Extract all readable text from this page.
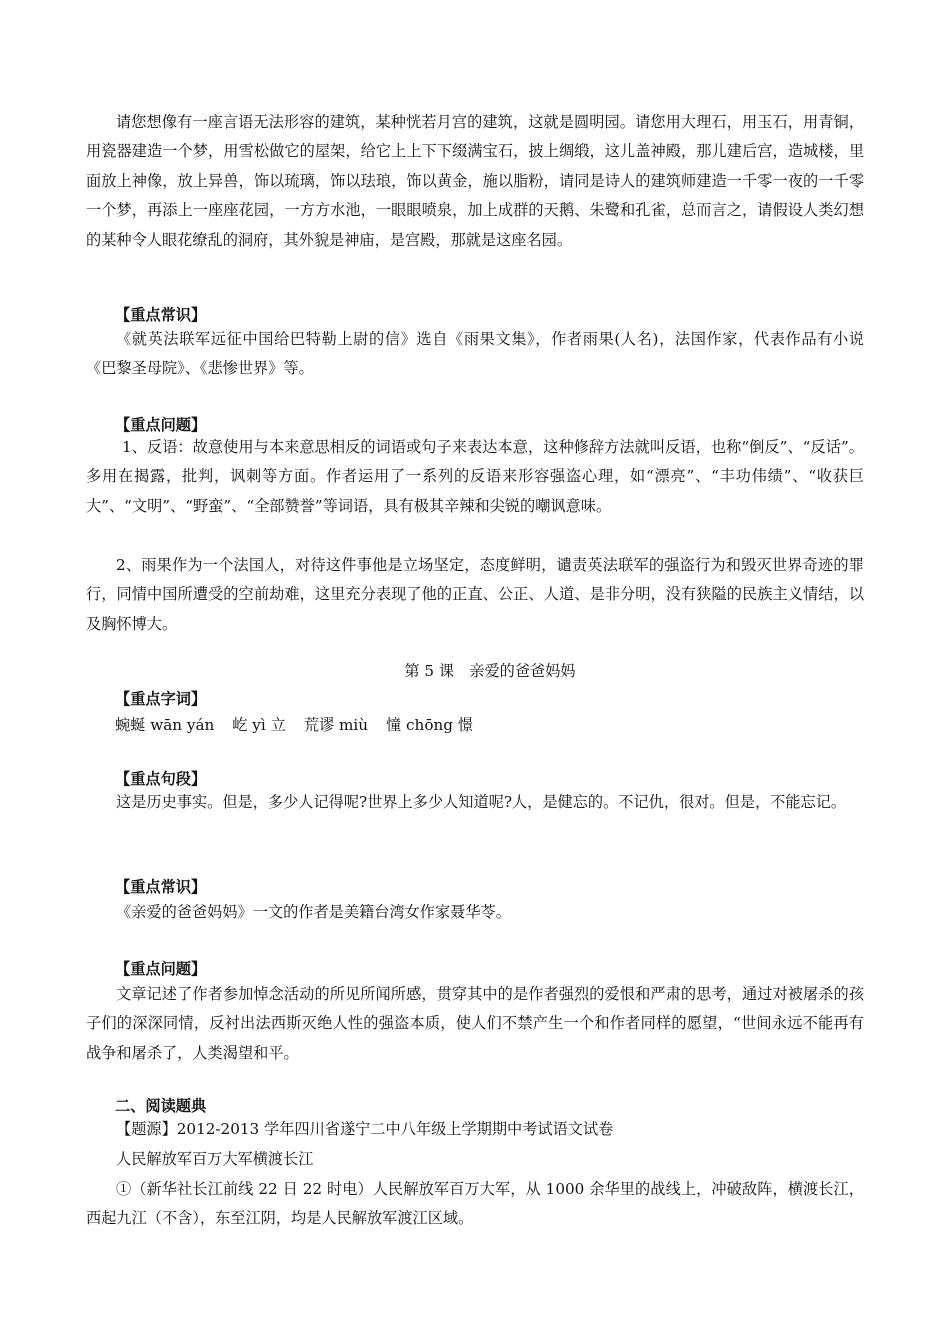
请您想像有一座言语无法形容的建筑，某种恍若月宫的建筑，这就是圆明园。请您用大理石，用玉石，用青铜，用瓷器建造一个梦，用雪松做它的屋架，给它上上下下缀满宝石，披上绸缎，这儿盖神殿，那儿建后宫，造城楼，里面放上神像，放上异兽，饰以琉璃，饰以珐琅，饰以黄金，施以脂粉，请同是诗人的建筑师建造一千零一夜的一千零一个梦，再添上一座座花园，一方方水池，一眼眼喷泉，加上成群的天鹅、朱鹭和孔雀，总而言之，请假设人类幻想的某种令人眼花缭乱的洞府，其外貌是神庙，是宫殿，那就是这座名园。

【重点常识】

《就英法联军远征中国给巴特勒上尉的信》选自《雨果文集》，作者雨果(人名)，法国作家，代表作品有小说《巴黎圣母院》、《悲惨世界》等。

【重点问题】

1、反语：故意使用与本来意思相反的词语或句子来表达本意，这种修辞方法就叫反语，也称“倒反”、“反话”。多用在揭露，批判，讽刺等方面。作者运用了一系列的反语来形容强盗心理，如“漂亮”、“丰功伟绩”、“收获巨大”、“文明”、“野蛮”、“全部赞誉”等词语，具有极其辛辣和尖锐的嘲讽意味。

2、雨果作为一个法国人，对待这件事他是立场坚定，态度鲜明，谴责英法联军的强盗行为和毁灭世界奇迹的罪行，同情中国所遭受的空前劫难，这里充分表现了他的正直、公正、人道、是非分明，没有狭隘的民族主义情结，以及胸怀博大。

第 5 课　亲爱的爸爸妈妈

【重点字词】

蜿蜒 wān yán 屹 yì 立 荒谬 miù 憧 chōng 憬

【重点句段】

这是历史事实。但是，多少人记得呢?世界上多少人知道呢?人，是健忘的。不记仇，很对。但是，不能忘记。

【重点常识】

《亲爱的爸爸妈妈》一文的作者是美籍台湾女作家聂华苓。

【重点问题】

文章记述了作者参加悼念活动的所见所闻所感，贯穿其中的是作者强烈的爱恨和严肃的思考，通过对被屠杀的孩子们的深深同情，反衬出法西斯灭绝人性的强盗本质，使人们不禁产生一个和作者同样的愿望，“世间永远不能再有战争和屠杀了，人类渴望和平。

二、阅读题典

【题源】2012-2013 学年四川省遂宁二中八年级上学期期中考试语文试卷

人民解放军百万大军横渡长江

①（新华社长江前线 22 日 22 时电）人民解放军百万大军，从 1000 余华里的战线上，冲破敌阵，横渡长江，西起九江（不含），东至江阴，均是人民解放军渡江区域。
